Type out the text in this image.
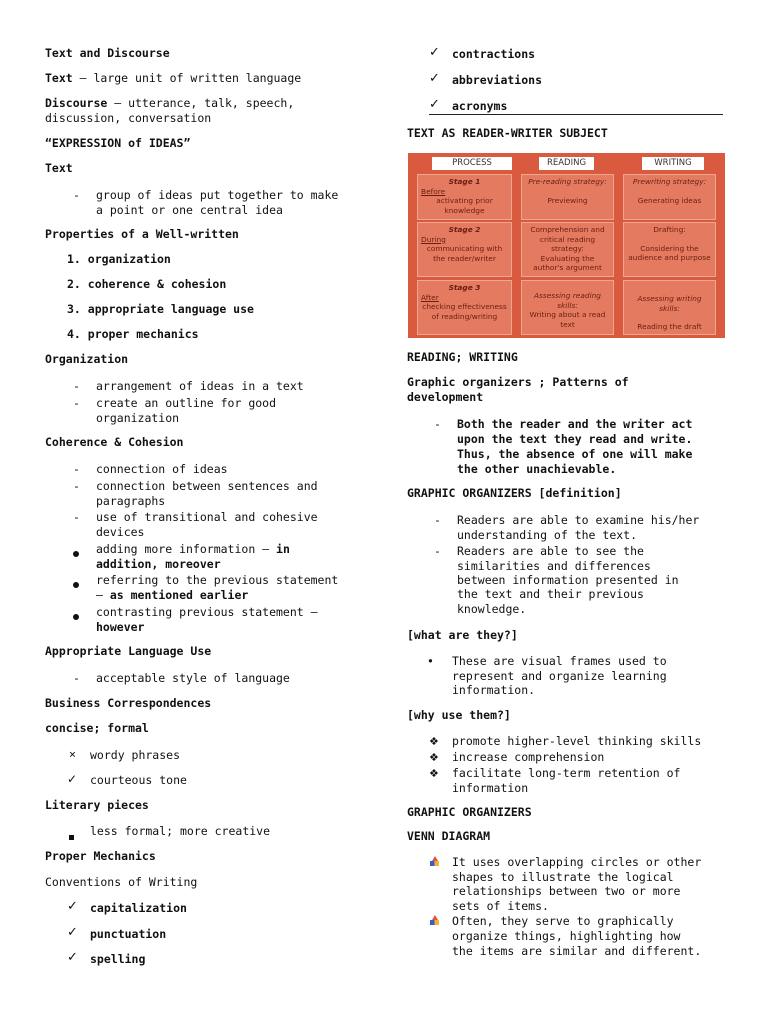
Text and Discourse
Text – large unit of written language
Discourse – utterance, talk, speech,
discussion, conversation
“EXPRESSION of IDEAS”
Text
- group of ideas put together to make
a point or one central idea
Properties of a Well-written
1. organization
2. coherence & cohesion
3. appropriate language use
4. proper mechanics
Organization
- arrangement of ideas in a text
- create an outline for good
organization
Coherence & Cohesion
- connection of ideas
- connection between sentences and
paragraphs
- use of transitional and cohesive
devices
adding more information – in
addition, moreover
referring to the previous statement
– as mentioned earlier
contrasting previous statement –
however
Appropriate Language Use
- acceptable style of language
Business Correspondences
concise; formal
× wordy phrases
✓ courteous tone
Literary pieces
less formal; more creative
Proper Mechanics
Conventions of Writing
✓ capitalization
✓ punctuation
✓ spelling
✓ contractions
✓ abbreviations
✓ acronyms
TEXT AS READER-WRITER SUBJECT
PROCESS	READING	WRITING
Stage 1
Before
activating prior knowledge
Pre-reading strategy:
Previewing
Prewriting strategy:
Generating ideas
Stage 2
During
communicating with the reader/writer
Comprehension and critical reading strategy:
Evaluating the author's argument
Drafting:
Considering the audience and purpose
Stage 3
After
checking effectiveness of reading/writing
Assessing reading skills:
Writing about a read text
Assessing writing skills:
Reading the draft
READING; WRITING
Graphic organizers ; Patterns of
development
- Both the reader and the writer act
upon the text they read and write.
Thus, the absence of one will make
the other unachievable.
GRAPHIC ORGANIZERS [definition]
- Readers are able to examine his/her
understanding of the text.
- Readers are able to see the
similarities and differences
between information presented in
the text and their previous
knowledge.
[what are they?]
• These are visual frames used to
represent and organize learning
information.
[why use them?]
❖ promote higher-level thinking skills
❖ increase comprehension
❖ facilitate long-term retention of
information
GRAPHIC ORGANIZERS
VENN DIAGRAM
It uses overlapping circles or other
shapes to illustrate the logical
relationships between two or more
sets of items.
Often, they serve to graphically
organize things, highlighting how
the items are similar and different.
